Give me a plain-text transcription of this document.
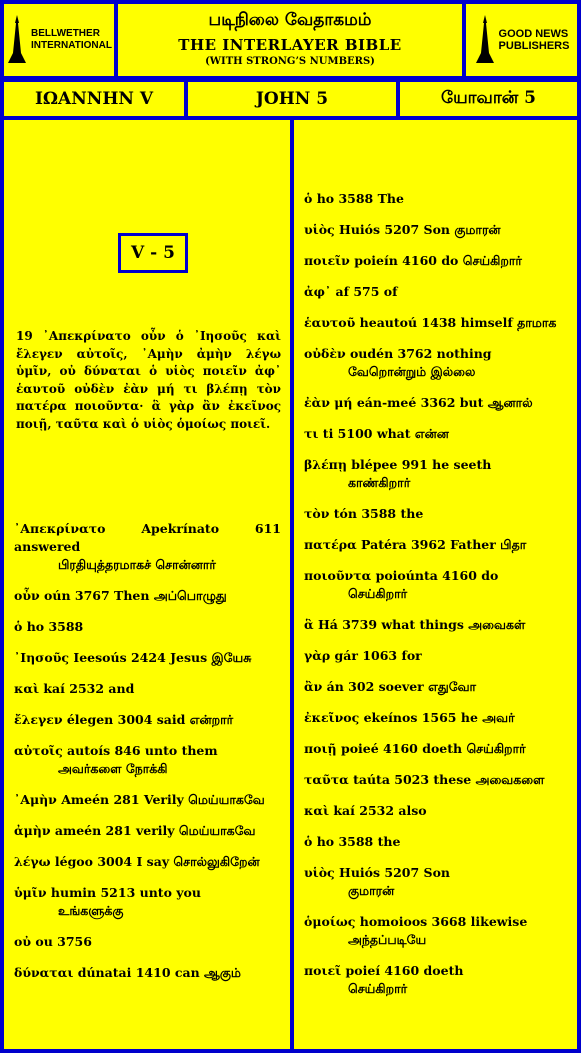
BELLWETHER
INTERNATIONAL
படிநிலை வேதாகமம்
THE INTERLAYER BIBLE
(WITH STRONG’S NUMBERS)
GOOD NEWS
PUBLISHERS
ΙΩΑΝΝΗΝ V	JOHN 5	யோவான் 5
V - 5
19 ᾿Απεκρίνατο οὖν ὁ ᾿Ιησοῦς καὶ ἔλεγεν αὐτοῖς, ᾿Αμὴν ἀμὴν λέγω ὑμῖν, οὐ δύναται ὁ υἱὸς ποιεῖν ἀφ᾿ ἑαυτοῦ οὐδὲν ἐὰν μή τι βλέπῃ τὸν πατέρα ποιοῦντα· ἃ γὰρ ἂν ἐκεῖνος ποιῇ, ταῦτα καὶ ὁ υἱὸς ὁμοίως ποιεῖ.
᾿Απεκρίνατο Apekrínato 611 answered
பிரதியுத்தரமாகச் சொன்னார்
οὖν oún 3767 Then அப்பொழுது
ὁ ho 3588
᾿Ιησοῦς Ieesoús 2424 Jesus இயேசு
καὶ kaí 2532 and
ἔλεγεν élegen 3004 said என்றார்
αὐτοῖς autoís 846 unto them
அவர்களை நோக்கி
᾿Αμὴν Ameén 281 Verily மெய்யாகவே
ἀμὴν ameén 281 verily மெய்யாகவே
λέγω légoo 3004 I say சொல்லுகிறேன்
ὑμῖν humin 5213 unto you
உங்களுக்கு
οὐ ou 3756
δύναται dúnatai 1410 can ஆகும்
ὁ ho 3588 The
υἱὸς Huiós 5207 Son குமாரன்
ποιεῖν poieín 4160 do செய்கிறார்
ἀφ᾿ af 575 of
ἑαυτοῦ heautoú 1438 himself தாமாக
οὐδὲν oudén 3762 nothing
வேறொன்றும் இல்லை
ἐὰν μή eán-meé 3362 but ஆனால்
τι ti 5100 what என்ன
βλέπῃ blépee 991 he seeth
காண்கிறார்
τὸν tón 3588 the
πατέρα Patéra 3962 Father பிதா
ποιοῦντα poioúnta 4160 do
செய்கிறார்
ἃ Há 3739 what things அவைகள்
γὰρ gár 1063 for
ἂν án 302 soever எதுவோ
ἐκεῖνος ekeínos 1565 he அவர்
ποιῇ poieé 4160 doeth செய்கிறார்
ταῦτα taúta 5023 these அவைகளை
καὶ kaí 2532 also
ὁ ho 3588 the
υἱὸς Huiós 5207 Son
குமாரன்
ὁμοίως homoioos 3668 likewise
அந்தப்படியே
ποιεῖ poieí 4160 doeth
செய்கிறார்
